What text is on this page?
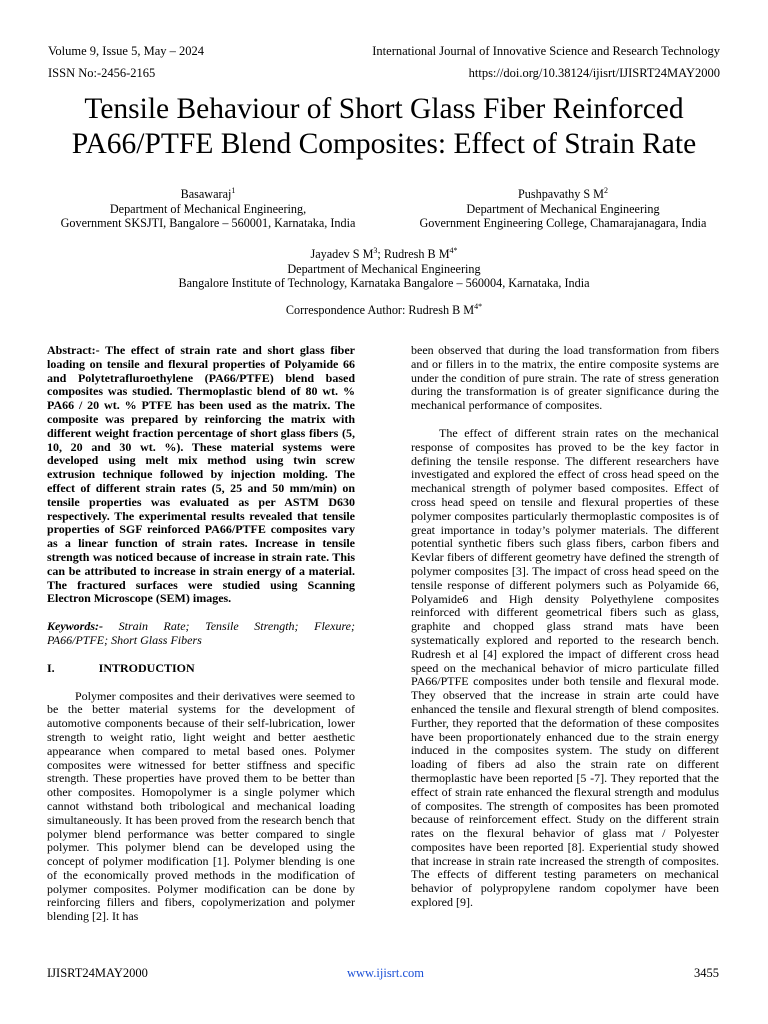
Volume 9, Issue 5, May – 2024	International Journal of Innovative Science and Research Technology
ISSN No:-2456-2165	https://doi.org/10.38124/ijisrt/IJISRT24MAY2000
Tensile Behaviour of Short Glass Fiber Reinforced
PA66/PTFE Blend Composites: Effect of Strain Rate
Basawaraj$^1$
Department of Mechanical Engineering,
Government SKSJTI, Bangalore – 560001, Karnataka, India
Pushpavathy S $M^2$
Department of Mechanical Engineering
Government Engineering College, Chamarajanagara, India
Jayadev S $M^3$; Rudresh B $M^{4*}$
Department of Mechanical Engineering
Bangalore Institute of Technology, Karnataka Bangalore – 560004, Karnataka, India
Correspondence Author: Rudresh B $M^{4*}$

Abstract:- The effect of strain rate and short glass fiber loading on tensile and flexural properties of Polyamide 66 and Polytetrafluroethylene (PA66/PTFE) blend based composites was studied. Thermoplastic blend of 80 wt. % PA66 / 20 wt. % PTFE has been used as the matrix. The composite was prepared by reinforcing the matrix with different weight fraction percentage of short glass fibers (5, 10, 20 and 30 wt. %). These material systems were developed using melt mix method using twin screw extrusion technique followed by injection molding. The effect of different strain rates (5, 25 and 50 mm/min) on tensile properties was evaluated as per ASTM D630 respectively. The experimental results revealed that tensile properties of SGF reinforced PA66/PTFE composites vary as a linear function of strain rates. Increase in tensile strength was noticed because of increase in strain rate. This can be attributed to increase in strain energy of a material. The fractured surfaces were studied using Scanning Electron Microscope (SEM) images.

Keywords:- Strain Rate; Tensile Strength; Flexure; PA66/PTFE; Short Glass Fibers

I.	INTRODUCTION

Polymer composites and their derivatives were seemed to be the better material systems for the development of automotive components because of their self-lubrication, lower strength to weight ratio, light weight and better aesthetic appearance when compared to metal based ones. Polymer composites were witnessed for better stiffness and specific strength. These properties have proved them to be better than other composites. Homopolymer is a single polymer which cannot withstand both tribological and mechanical loading simultaneously. It has been proved from the research bench that polymer blend performance was better compared to single polymer. This polymer blend can be developed using the concept of polymer modification [1]. Polymer blending is one of the economically proved methods in the modification of polymer composites. Polymer modification can be done by reinforcing fillers and fibers, copolymerization and polymer blending [2]. It has

been observed that during the load transformation from fibers and or fillers in to the matrix, the entire composite systems are under the condition of pure strain. The rate of stress generation during the transformation is of greater significance during the mechanical performance of composites.

The effect of different strain rates on the mechanical response of composites has proved to be the key factor in defining the tensile response. The different researchers have investigated and explored the effect of cross head speed on the mechanical strength of polymer based composites. Effect of cross head speed on tensile and flexural properties of these polymer composites particularly thermoplastic composites is of great importance in today’s polymer materials. The different potential synthetic fibers such glass fibers, carbon fibers and Kevlar fibers of different geometry have defined the strength of polymer composites [3]. The impact of cross head speed on the tensile response of different polymers such as Polyamide 66, Polyamide6 and High density Polyethylene composites reinforced with different geometrical fibers such as glass, graphite and chopped glass strand mats have been systematically explored and reported to the research bench. Rudresh et al [4] explored the impact of different cross head speed on the mechanical behavior of micro particulate filled PA66/PTFE composites under both tensile and flexural mode. They observed that the increase in strain arte could have enhanced the tensile and flexural strength of blend composites. Further, they reported that the deformation of these composites have been proportionately enhanced due to the strain energy induced in the composites system. The study on different loading of fibers ad also the strain rate on different thermoplastic have been reported [5 -7]. They reported that the effect of strain rate enhanced the flexural strength and modulus of composites. The strength of composites has been promoted because of reinforcement effect. Study on the different strain rates on the flexural behavior of glass mat / Polyester composites have been reported [8]. Experiential study showed that increase in strain rate increased the strength of composites. The effects of different testing parameters on mechanical behavior of polypropylene random copolymer have been explored [9].

IJISRT24MAY2000	www.ijisrt.com	3455
